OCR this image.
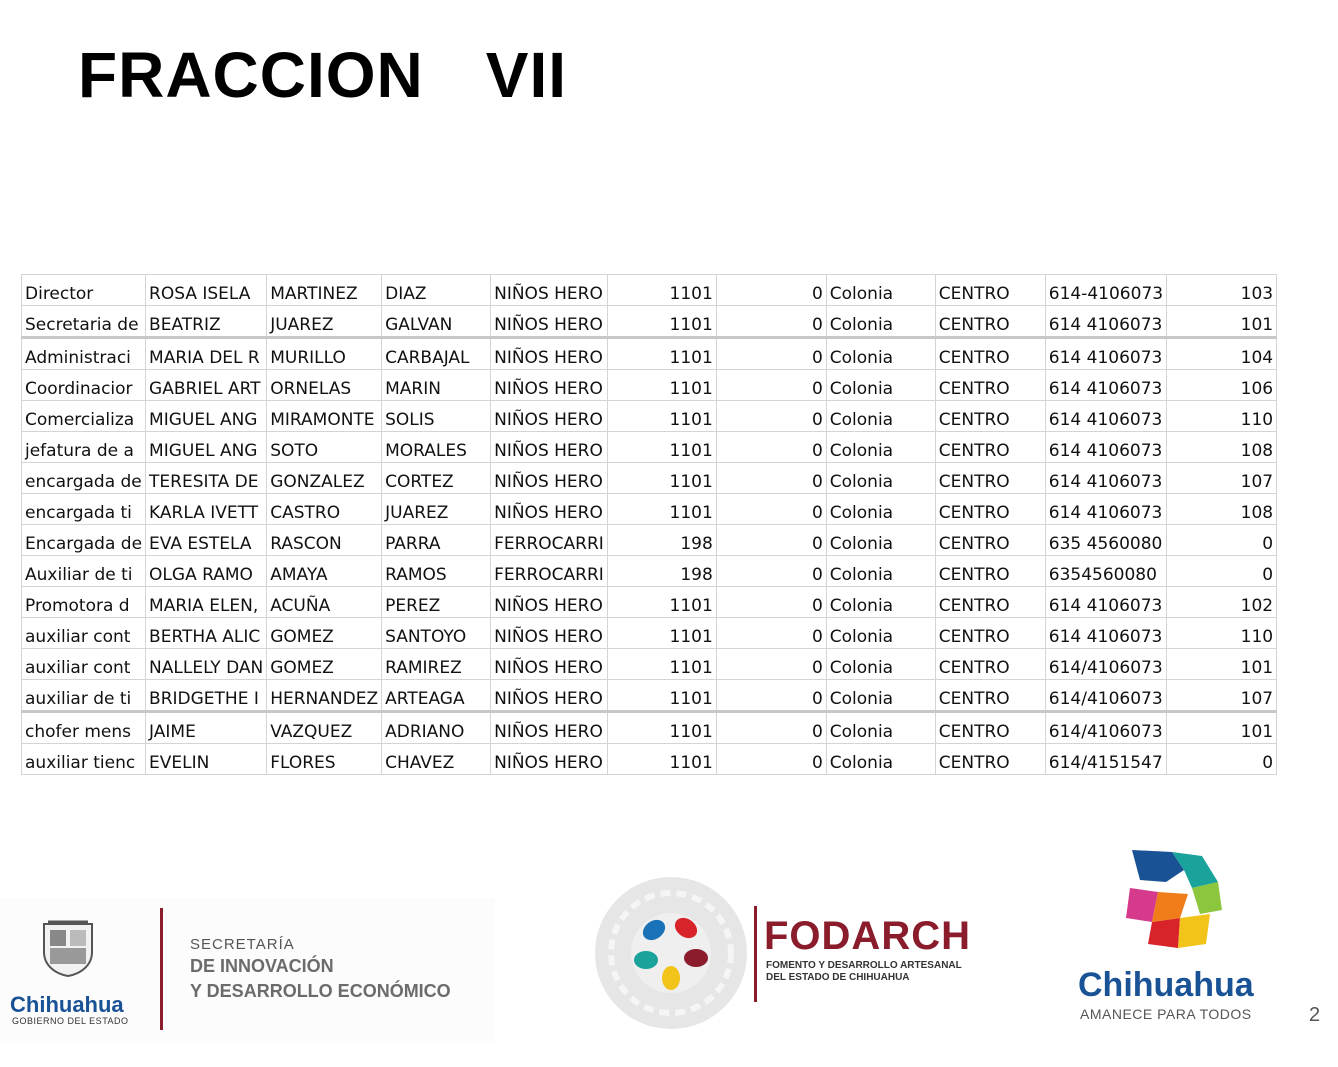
FRACCION VII
Director	ROSA ISELA	MARTINEZ	DIAZ	NIÑOS HERO	1101	0	Colonia	CENTRO	614-4106073	103
Secretaria de	BEATRIZ	JUAREZ	GALVAN	NIÑOS HERO	1101	0	Colonia	CENTRO	614 4106073	101
Administraci	MARIA DEL R	MURILLO	CARBAJAL	NIÑOS HERO	1101	0	Colonia	CENTRO	614 4106073	104
Coordinacior	GABRIEL ART	ORNELAS	MARIN	NIÑOS HERO	1101	0	Colonia	CENTRO	614 4106073	106
Comercializa	MIGUEL ANG	MIRAMONTE	SOLIS	NIÑOS HERO	1101	0	Colonia	CENTRO	614 4106073	110
jefatura de a	MIGUEL ANG	SOTO	MORALES	NIÑOS HERO	1101	0	Colonia	CENTRO	614 4106073	108
encargada de	TERESITA DE	GONZALEZ	CORTEZ	NIÑOS HERO	1101	0	Colonia	CENTRO	614 4106073	107
encargada ti	KARLA IVETT	CASTRO	JUAREZ	NIÑOS HERO	1101	0	Colonia	CENTRO	614 4106073	108
Encargada de	EVA ESTELA	RASCON	PARRA	FERROCARRI	198	0	Colonia	CENTRO	635 4560080	0
Auxiliar de ti	OLGA RAMO	AMAYA	RAMOS	FERROCARRI	198	0	Colonia	CENTRO	6354560080	0
Promotora d	MARIA ELEN,	ACUÑA	PEREZ	NIÑOS HERO	1101	0	Colonia	CENTRO	614 4106073	102
auxiliar cont	BERTHA ALIC	GOMEZ	SANTOYO	NIÑOS HERO	1101	0	Colonia	CENTRO	614 4106073	110
auxiliar cont	NALLELY DAN	GOMEZ	RAMIREZ	NIÑOS HERO	1101	0	Colonia	CENTRO	614/4106073	101
auxiliar de ti	BRIDGETHE I	HERNANDEZ	ARTEAGA	NIÑOS HERO	1101	0	Colonia	CENTRO	614/4106073	107
chofer mens	JAIME	VAZQUEZ	ADRIANO	NIÑOS HERO	1101	0	Colonia	CENTRO	614/4106073	101
auxiliar tienc	EVELIN	FLORES	CHAVEZ	NIÑOS HERO	1101	0	Colonia	CENTRO	614/4151547	0
Chihuahua
GOBIERNO DEL ESTADO
SECRETARÍA
DE INNOVACIÓN
Y DESARROLLO ECONÓMICO
FODARCH
FOMENTO Y DESARROLLO ARTESANAL
DEL ESTADO DE CHIHUAHUA	Chihuahua
AMANECE PARA TODOS	2
